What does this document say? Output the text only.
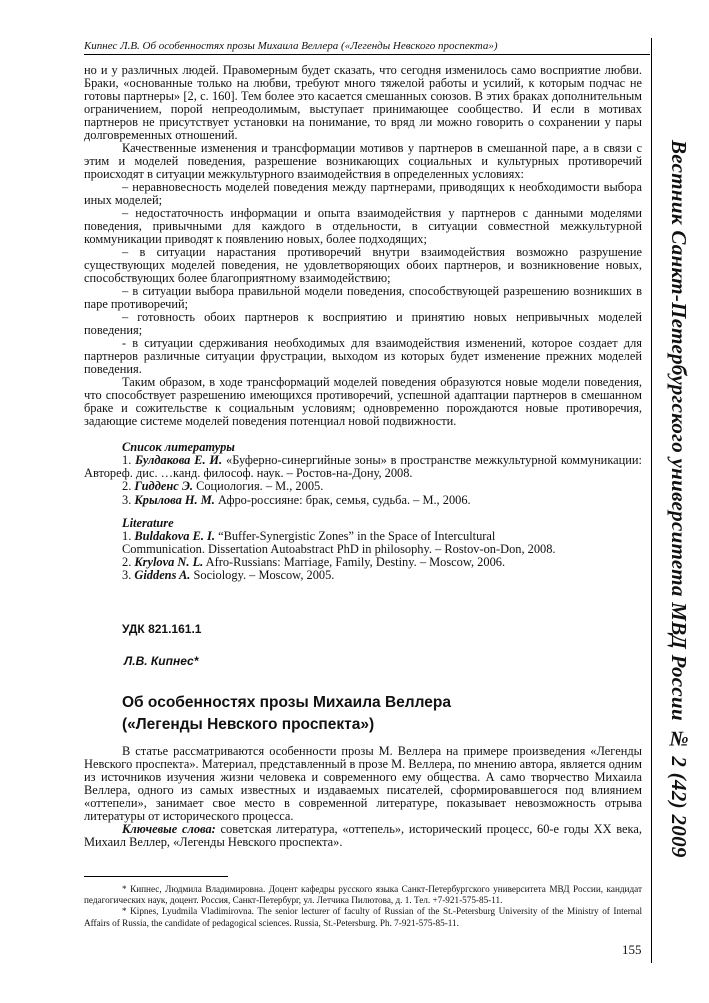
Кипнес Л.В. Об особенностях прозы Михаила Веллера («Легенды Невского проспекта»)
Вестник Санкт-Петербургского университета МВД России № 2 (42) 2009

но и у различных людей. Правомерным будет сказать, что сегодня изменилось само восприятие любви. Браки, «основанные только на любви, требуют много тяжелой работы и усилий, к которым подчас не готовы партнеры» [2, с. 160]. Тем более это касается смешанных союзов. В этих браках дополнительным ограничением, порой непреодолимым, выступает принимающее сообщество. И если в мотивах партнеров не присутствует установки на понимание, то вряд ли можно говорить о сохранении у пары долговременных отношений.

Качественные изменения и трансформации мотивов у партнеров в смешанной паре, а в связи с этим и моделей поведения, разрешение возникающих социальных и культурных противоречий происходят в ситуации межкультурного взаимодействия в определенных условиях:

– неравновесность моделей поведения между партнерами, приводящих к необходимости выбора иных моделей;

– недостаточность информации и опыта взаимодействия у партнеров с данными моделями поведения, привычными для каждого в отдельности, в ситуации совместной межкультурной коммуникации приводят к появлению новых, более подходящих;

– в ситуации нарастания противоречий внутри взаимодействия возможно разрушение существующих моделей поведения, не удовлетворяющих обоих партнеров, и возникновение новых, способствующих более благоприятному взаимодействию;

– в ситуации выбора правильной модели поведения, способствующей разрешению возникших в паре противоречий;

– готовность обоих партнеров к восприятию и принятию новых непривычных моделей поведения;

- в ситуации сдерживания необходимых для взаимодействия изменений, которое создает для партнеров различные ситуации фрустрации, выходом из которых будет изменение прежних моделей поведения.

Таким образом, в ходе трансформаций моделей поведения образуются новые модели поведения, что способствует разрешению имеющихся противоречий, успешной адаптации партнеров в смешанном браке и сожительстве к социальным условиям; одновременно порождаются новые противоречия, задающие системе моделей поведения потенциал новой подвижности.

Список литературы

1. Булдакова Е. И. «Буферно-синергийные зоны» в пространстве межкультурной коммуникации: Автореф. дис. …канд. философ. наук. – Ростов-на-Дону, 2008.

2. Гидденс Э. Социология. – М., 2005.

3. Крылова Н. М. Афро-россияне: брак, семья, судьба. – М., 2006.

Literature

1. Buldakova E. I. “Buffer-Synergistic Zones” in the Space of Intercultural

Communication. Dissertation Autoabstract PhD in philosophy. – Rostov-on-Don, 2008.

2. Krylova N. L. Afro-Russians: Marriage, Family, Destiny. – Moscow, 2006.

3. Giddens A. Sociology. – Moscow, 2005.

УДК 821.161.1
Л.В. Кипнес*
Об особенностях прозы Михаила Веллера
(«Легенды Невского проспекта»)

В статье рассматриваются особенности прозы М. Веллера на примере произведения «Легенды Невского проспекта». Материал, представленный в прозе М. Веллера, по мнению автора, является одним из источников изучения жизни человека и современного ему общества. А само творчество Михаила Веллера, одного из самых известных и издаваемых писателей, сформировавшегося под влиянием «оттепели», занимает свое место в современной литературе, показывает невозможность отрыва литературы от исторического процесса.

Ключевые слова: советская литература, «оттепель», исторический процесс, 60-е годы ХХ века, Михаил Веллер, «Легенды Невского проспекта».

* Кипнес, Людмила Владимировна. Доцент кафедры русского языка Санкт-Петербургского университета МВД России, кандидат педагогических наук, доцент. Россия, Санкт-Петербург, ул. Летчика Пилютова, д. 1. Тел. +7-921-575-85-11.

* Kipnes, Lyudmila Vladimirovna. The senior lecturer of faculty of Russian of the St.-Petersburg University of the Ministry of Internal Affairs of Russia, the candidate of pedagogical sciences. Russia, St.-Petersburg. Ph. 7-921-575-85-11.

155
